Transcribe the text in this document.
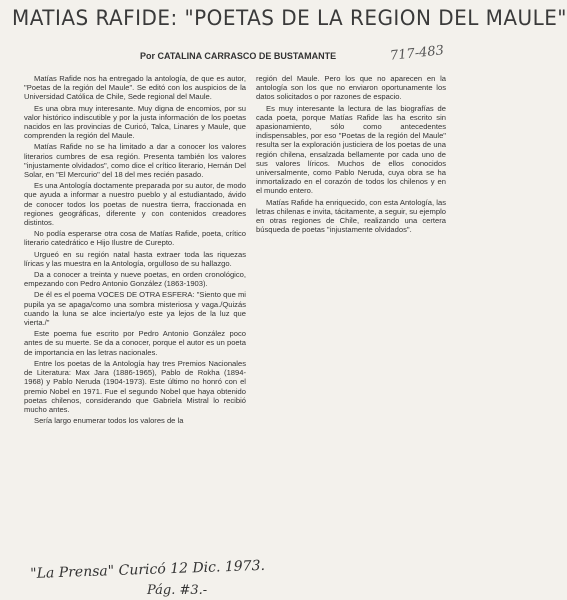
MATIAS RAFIDE: "POETAS DE LA REGION DEL MAULE"
Por CATALINA CARRASCO DE BUSTAMANTE	717-483

Matías Rafide nos ha entregado la antología, de que es autor, "Poetas de la región del Maule". Se editó con los auspicios de la Universidad Católica de Chile, Sede regional del Maule.

Es una obra muy interesante. Muy digna de encomios, por su valor histórico indiscutible y por la justa información de los poetas nacidos en las provincias de Curicó, Talca, Linares y Maule, que comprenden la región del Maule.

Matías Rafide no se ha limitado a dar a conocer los valores literarios cumbres de esa región. Presenta también los valores "injustamente olvidados", como dice el crítico literario, Hernán Del Solar, en "El Mercurio" del 18 del mes recién pasado.

Es una Antología doctamente preparada por su autor, de modo que ayuda a informar a nuestro pueblo y al estudiantado, ávido de conocer todos los poetas de nuestra tierra, fraccionada en regiones geográficas, diferente y con contenidos creadores distintos.

No podía esperarse otra cosa de Matías Rafide, poeta, crítico literario catedrático e Hijo Ilustre de Curepto.

Urgueó en su región natal hasta extraer toda las riquezas líricas y las muestra en la Antología, orgulloso de su hallazgo.

Da a conocer a treinta y nueve poetas, en orden cronológico, empezando con Pedro Antonio González (1863-1903).

De él es el poema VOCES DE OTRA ESFERA: "Siento que mi pupila ya se apaga/como una sombra misteriosa y vaga./Quizás cuando la luna se alce incierta/yo este ya lejos de la luz que vierta./"

Este poema fue escrito por Pedro Antonio González poco antes de su muerte. Se da a conocer, porque el autor es un poeta de importancia en las letras nacionales.

Entre los poetas de la Antología hay tres Premios Nacionales de Literatura: Max Jara (1886-1965), Pablo de Rokha (1894-1968) y Pablo Neruda (1904-1973). Este último no honró con el premio Nobel en 1971. Fue el segundo Nobel que haya obtenido poetas chilenos, considerando que Gabriela Mistral lo recibió mucho antes.

Sería largo enumerar todos los valores de la

región del Maule. Pero los que no aparecen en la antología son los que no enviaron oportunamente los datos solicitados o por razones de espacio.

Es muy interesante la lectura de las biografías de cada poeta, porque Matías Rafide las ha escrito sin apasionamiento, sólo como antecedentes indispensables, por eso "Poetas de la región del Maule" resulta ser la exploración justiciera de los poetas de una región chilena, ensalzada bellamente por cada uno de sus valores líricos. Muchos de ellos conocidos universalmente, como Pablo Neruda, cuya obra se ha inmortalizado en el corazón de todos los chilenos y en el mundo entero.

Matías Rafide ha enriquecido, con esta Antología, las letras chilenas e invita, tácitamente, a seguir, su ejemplo en otras regiones de Chile, realizando una certera búsqueda de poetas "injustamente olvidados".

"La Prensa" Curicó 12 Dic. 1973.
Pág. #3.-
